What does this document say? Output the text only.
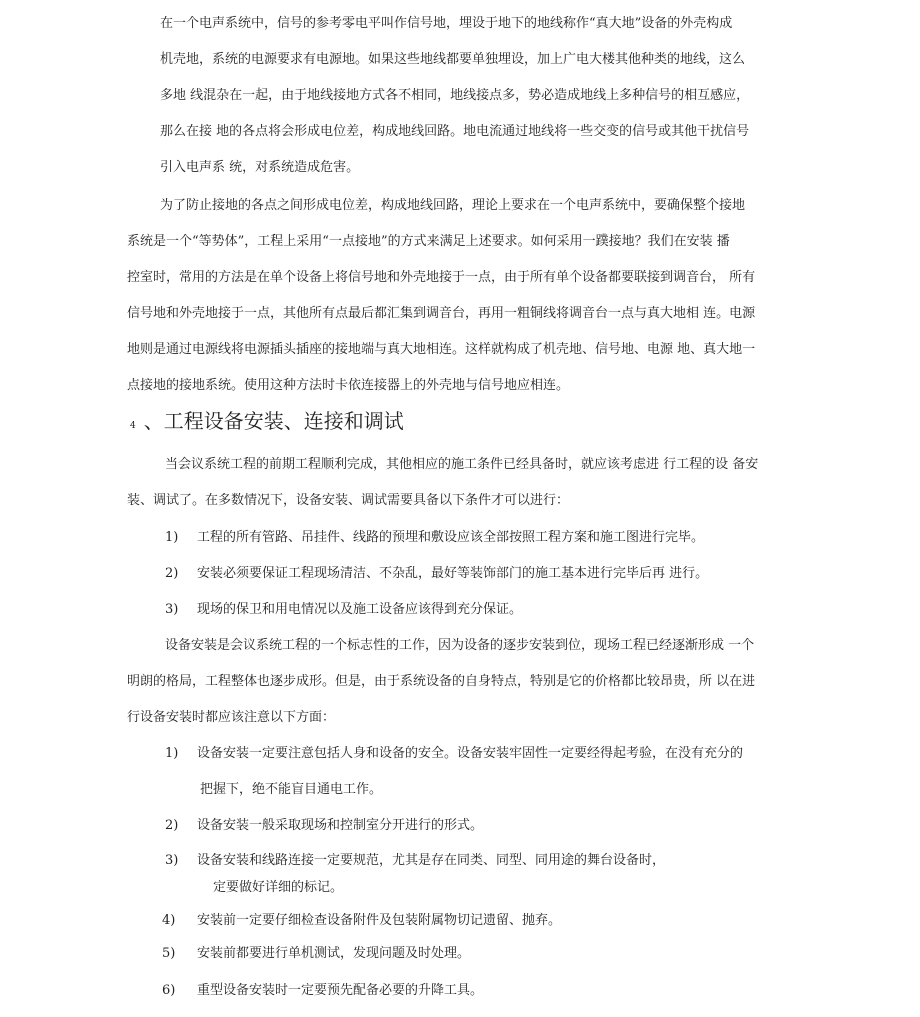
在一个电声系统中，信号的参考零电平叫作信号地，埋设于地下的地线称作“真大地”设备的外壳构成
机壳地，系统的电源要求有电源地。如果这些地线都要单独埋设，加上广电大楼其他种类的地线，这么
多地 线混杂在一起，由于地线接地方式各不相同，地线接点多，势必造成地线上多种信号的相互感应，
那么在接 地的各点将会形成电位差，构成地线回路。地电流通过地线将一些交变的信号或其他干扰信号
引入电声系 统，对系统造成危害。
为了防止接地的各点之间形成电位差，构成地线回路，理论上要求在一个电声系统中，要确保整个接地
系统是一个“等势体”，工程上采用“一点接地”的方式来满足上述要求。如何采用一蹼接地？我们在安装 播
控室时，常用的方法是在单个设备上将信号地和外壳地接于一点，由于所有单个设备都要联接到调音台， 所有
信号地和外壳地接于一点，其他所有点最后都汇集到调音台，再用一粗铜线将调音台一点与真大地相 连。电源
地则是通过电源线将电源插头插座的接地端与真大地相连。这样就构成了机壳地、信号地、电源 地、真大地一
点接地的接地系统。使用这种方法时卡依连接器上的外壳地与信号地应相连。
4 、工程设备安装、连接和调试
当会议系统工程的前期工程顺利完成，其他相应的施工条件已经具备时，就应该考虑进 行工程的设 备安
装、调试了。在多数情况下，设备安装、调试需要具备以下条件才可以进行：
1) 工程的所有管路、吊挂件、线路的预埋和敷设应该全部按照工程方案和施工图进行完毕。
2) 安装必须要保证工程现场清洁、不杂乱，最好等装饰部门的施工基本进行完毕后再 进行。
3) 现场的保卫和用电情况以及施工设备应该得到充分保证。
设备安装是会议系统工程的一个标志性的工作，因为设备的逐步安装到位，现场工程已经逐渐形成 一个
明朗的格局，工程整体也逐步成形。但是，由于系统设备的自身特点，特别是它的价格都比较昂贵，所 以在进
行设备安装时都应该注意以下方面：
1) 设备安装一定要注意包括人身和设备的安全。设备安装牢固性一定要经得起考验，在没有充分的
把握下，绝不能盲目通电工作。
2) 设备安装一般采取现场和控制室分开进行的形式。
3) 设备安装和线路连接一定要规范，尤其是存在同类、同型、同用途的舞台设备时，
定要做好详细的标记。
4) 安装前一定要仔细检查设备附件及包装附属物切记遗留、抛弃。
5) 安装前都要进行单机测试，发现问题及时处理。
6) 重型设备安装时一定要预先配备必要的升降工具。
